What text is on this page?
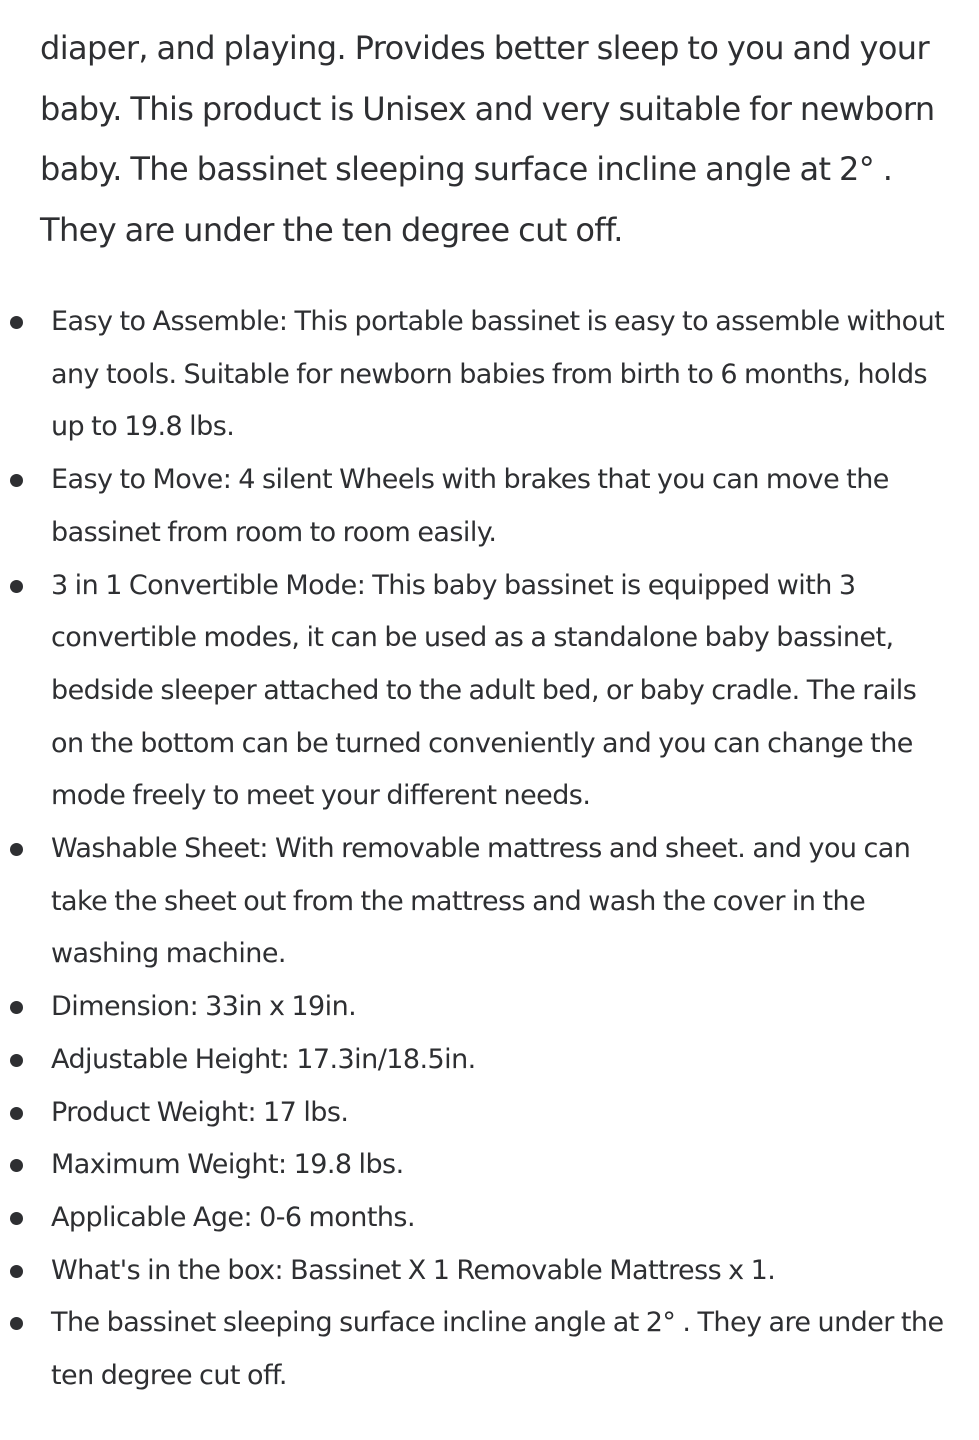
diaper, and playing. Provides better sleep to you and your baby. This product is Unisex and very suitable for newborn baby. The bassinet sleeping surface incline angle at 2° . They are under the ten degree cut off.

Easy to Assemble: This portable bassinet is easy to assemble without any tools. Suitable for newborn babies from birth to 6 months, holds up to 19.8 lbs.
Easy to Move: 4 silent Wheels with brakes that you can move the bassinet from room to room easily.
3 in 1 Convertible Mode: This baby bassinet is equipped with 3 convertible modes, it can be used as a standalone baby bassinet, bedside sleeper attached to the adult bed, or baby cradle. The rails on the bottom can be turned conveniently and you can change the mode freely to meet your different needs.
Washable Sheet: With removable mattress and sheet. and you can take the sheet out from the mattress and wash the cover in the washing machine.
Dimension: 33in x 19in.
Adjustable Height: 17.3in/18.5in.
Product Weight: 17 lbs.
Maximum Weight: 19.8 lbs.
Applicable Age: 0-6 months.
What's in the box: Bassinet X 1 Removable Mattress x 1.
The bassinet sleeping surface incline angle at 2° . They are under the ten degree cut off.
